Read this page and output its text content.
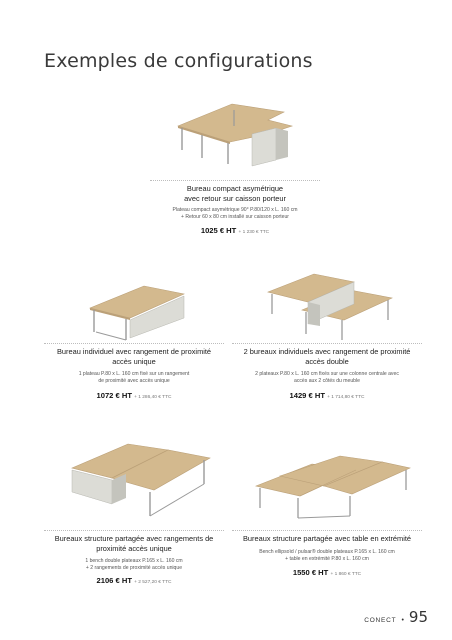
Exemples de configurations
Bureau compact asymétrique
avec retour sur caisson porteur
Plateau compact asymétrique 90° P.80/120 x L. 160 cm
+ Retour 60 x 80 cm installé sur caisson porteur
1025 € HT + 1 230 € TTC
Bureau individuel avec rangement de proximité
accès unique
1 plateau P.80 x L. 160 cm fixé sur un rangement
de proximité avec accès unique
1072 € HT + 1 286,40 € TTC
2 bureaux individuels avec rangement de proximité
accès double
2 plateaux P.80 x L. 160 cm fixés sur une colonne centrale avec
accès aux 2 côtés du meuble
1429 € HT + 1 714,80 € TTC
Bureaux structure partagée avec rangements de
proximité accès unique
1 bench double plateaux P.165 x L. 160 cm
+ 2 rangements de proximité accès unique
2106 € HT + 2 527,20 € TTC
Bureaux structure partagée avec table en extrémité
Bench ellipsoïd / pulsar® double plateaux P.165 x L. 160 cm
+ table en extrémité P.80 x L. 160 cm
1550 € HT + 1 860 € TTC
CONECT • 95
